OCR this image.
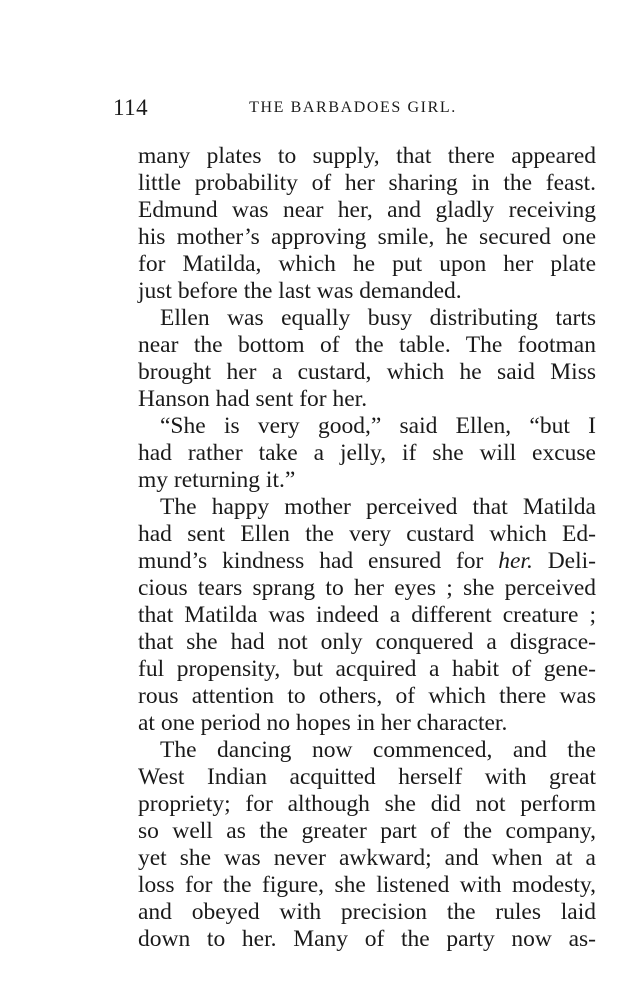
114	THE BARBADOES GIRL.
many plates to supply, that there appeared
little probability of her sharing in the feast.
Edmund was near her, and gladly receiving
his mother’s approving smile, he secured one
for Matilda, which he put upon her plate
just before the last was demanded.
Ellen was equally busy distributing tarts
near the bottom of the table. The footman
brought her a custard, which he said Miss
Hanson had sent for her.
“She is very good,” said Ellen, “but I
had rather take a jelly, if she will excuse
my returning it.”
The happy mother perceived that Matilda
had sent Ellen the very custard which Ed-
mund’s kindness had ensured for her. Deli-
cious tears sprang to her eyes ; she perceived
that Matilda was indeed a different creature ;
that she had not only conquered a disgrace-
ful propensity, but acquired a habit of gene-
rous attention to others, of which there was
at one period no hopes in her character.
The dancing now commenced, and the
West Indian acquitted herself with great
propriety; for although she did not perform
so well as the greater part of the company,
yet she was never awkward; and when at a
loss for the figure, she listened with modesty,
and obeyed with precision the rules laid
down to her. Many of the party now as-
